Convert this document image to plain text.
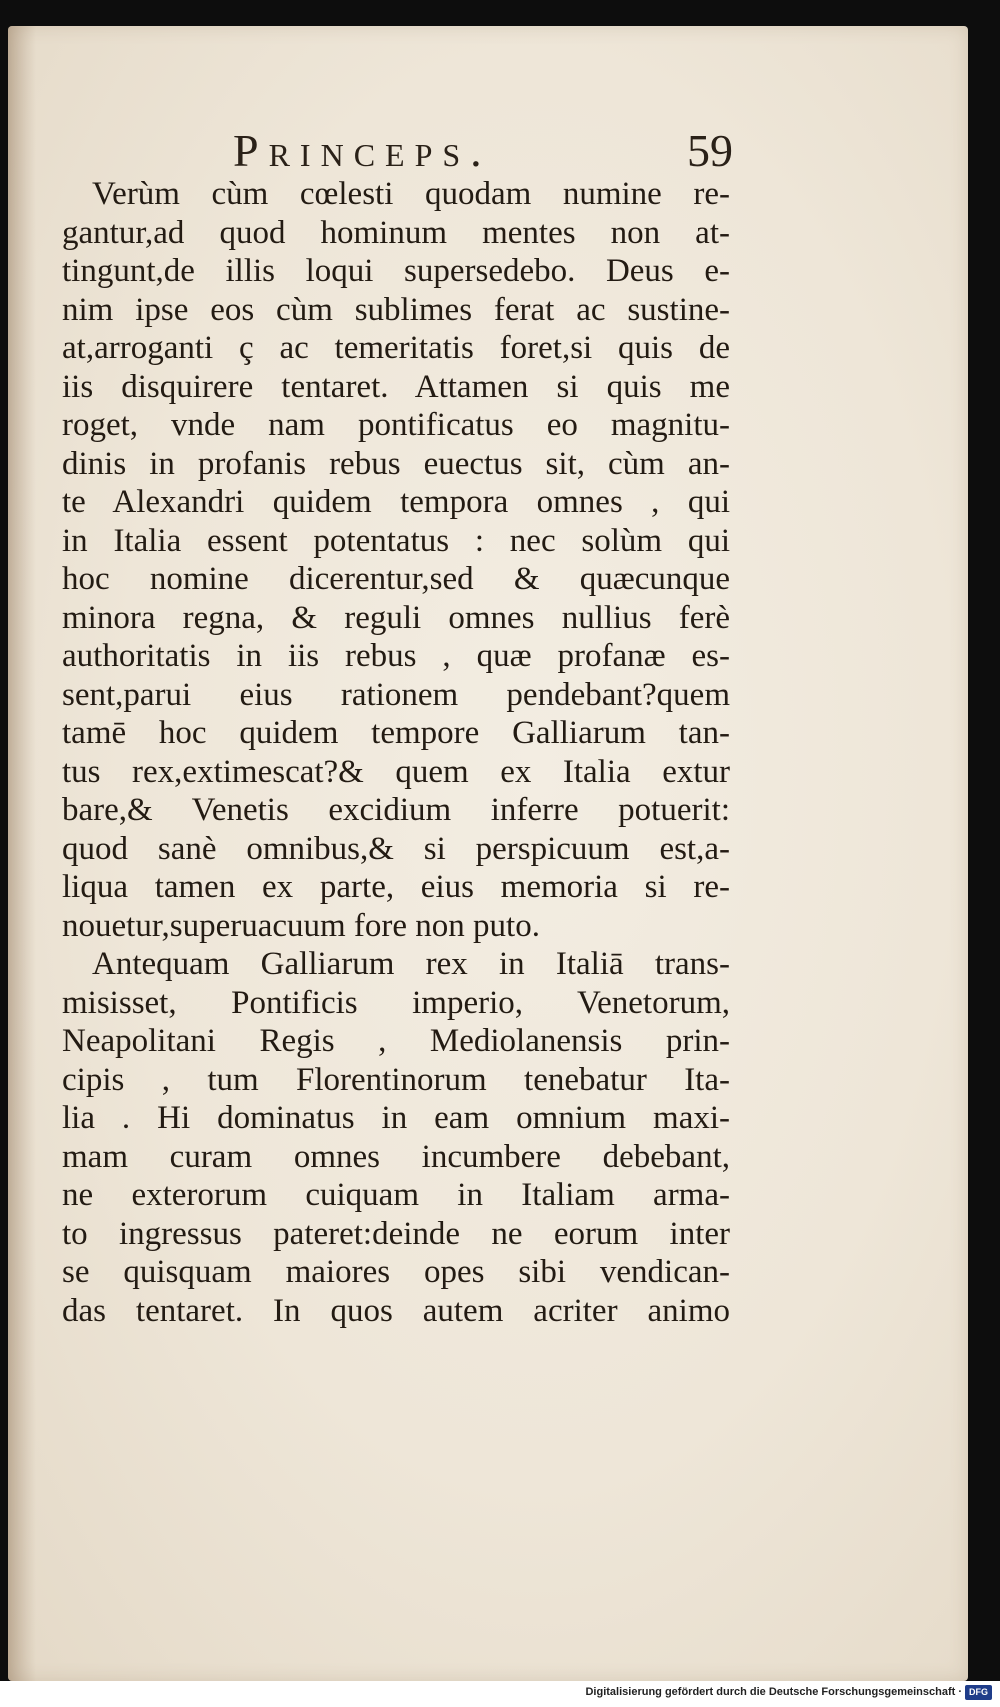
Princeps.	59
Verùm cùm cœlesti quodam numine re-
gantur,ad quod hominum mentes non at-
tingunt,de illis loqui supersedebo. Deus e-
nim ipse eos cùm sublimes ferat ac sustine-
at,arroganti ç ac temeritatis foret,si quis de
iis disquirere tentaret. Attamen si quis me
roget, vnde nam pontificatus eo magnitu-
dinis in profanis rebus euectus sit, cùm an-
te Alexandri quidem tempora omnes , qui
in Italia essent potentatus : nec solùm qui
hoc nomine dicerentur,sed & quæcunque
minora regna, & reguli omnes nullius ferè
authoritatis in iis rebus , quæ profanæ es-
sent,parui eius rationem pendebant?quem
tamē hoc quidem tempore Galliarum tan-
tus rex,extimescat?& quem ex Italia extur
bare,& Venetis excidium inferre potuerit:
quod sanè omnibus,& si perspicuum est,a-
liqua tamen ex parte, eius memoria si re-
nouetur,superuacuum fore non puto.
Antequam Galliarum rex in Italiā trans-
misisset, Pontificis imperio, Venetorum,
Neapolitani Regis , Mediolanensis prin-
cipis , tum Florentinorum tenebatur Ita-
lia . Hi dominatus in eam omnium maxi-
mam curam omnes incumbere debebant,
ne exterorum cuiquam in Italiam arma-
to ingressus pateret:deinde ne eorum inter
se quisquam maiores opes sibi vendican-
das tentaret. In quos autem acriter animo
Digitalisierung gefördert durch die Deutsche Forschungsgemeinschaft · DFG
